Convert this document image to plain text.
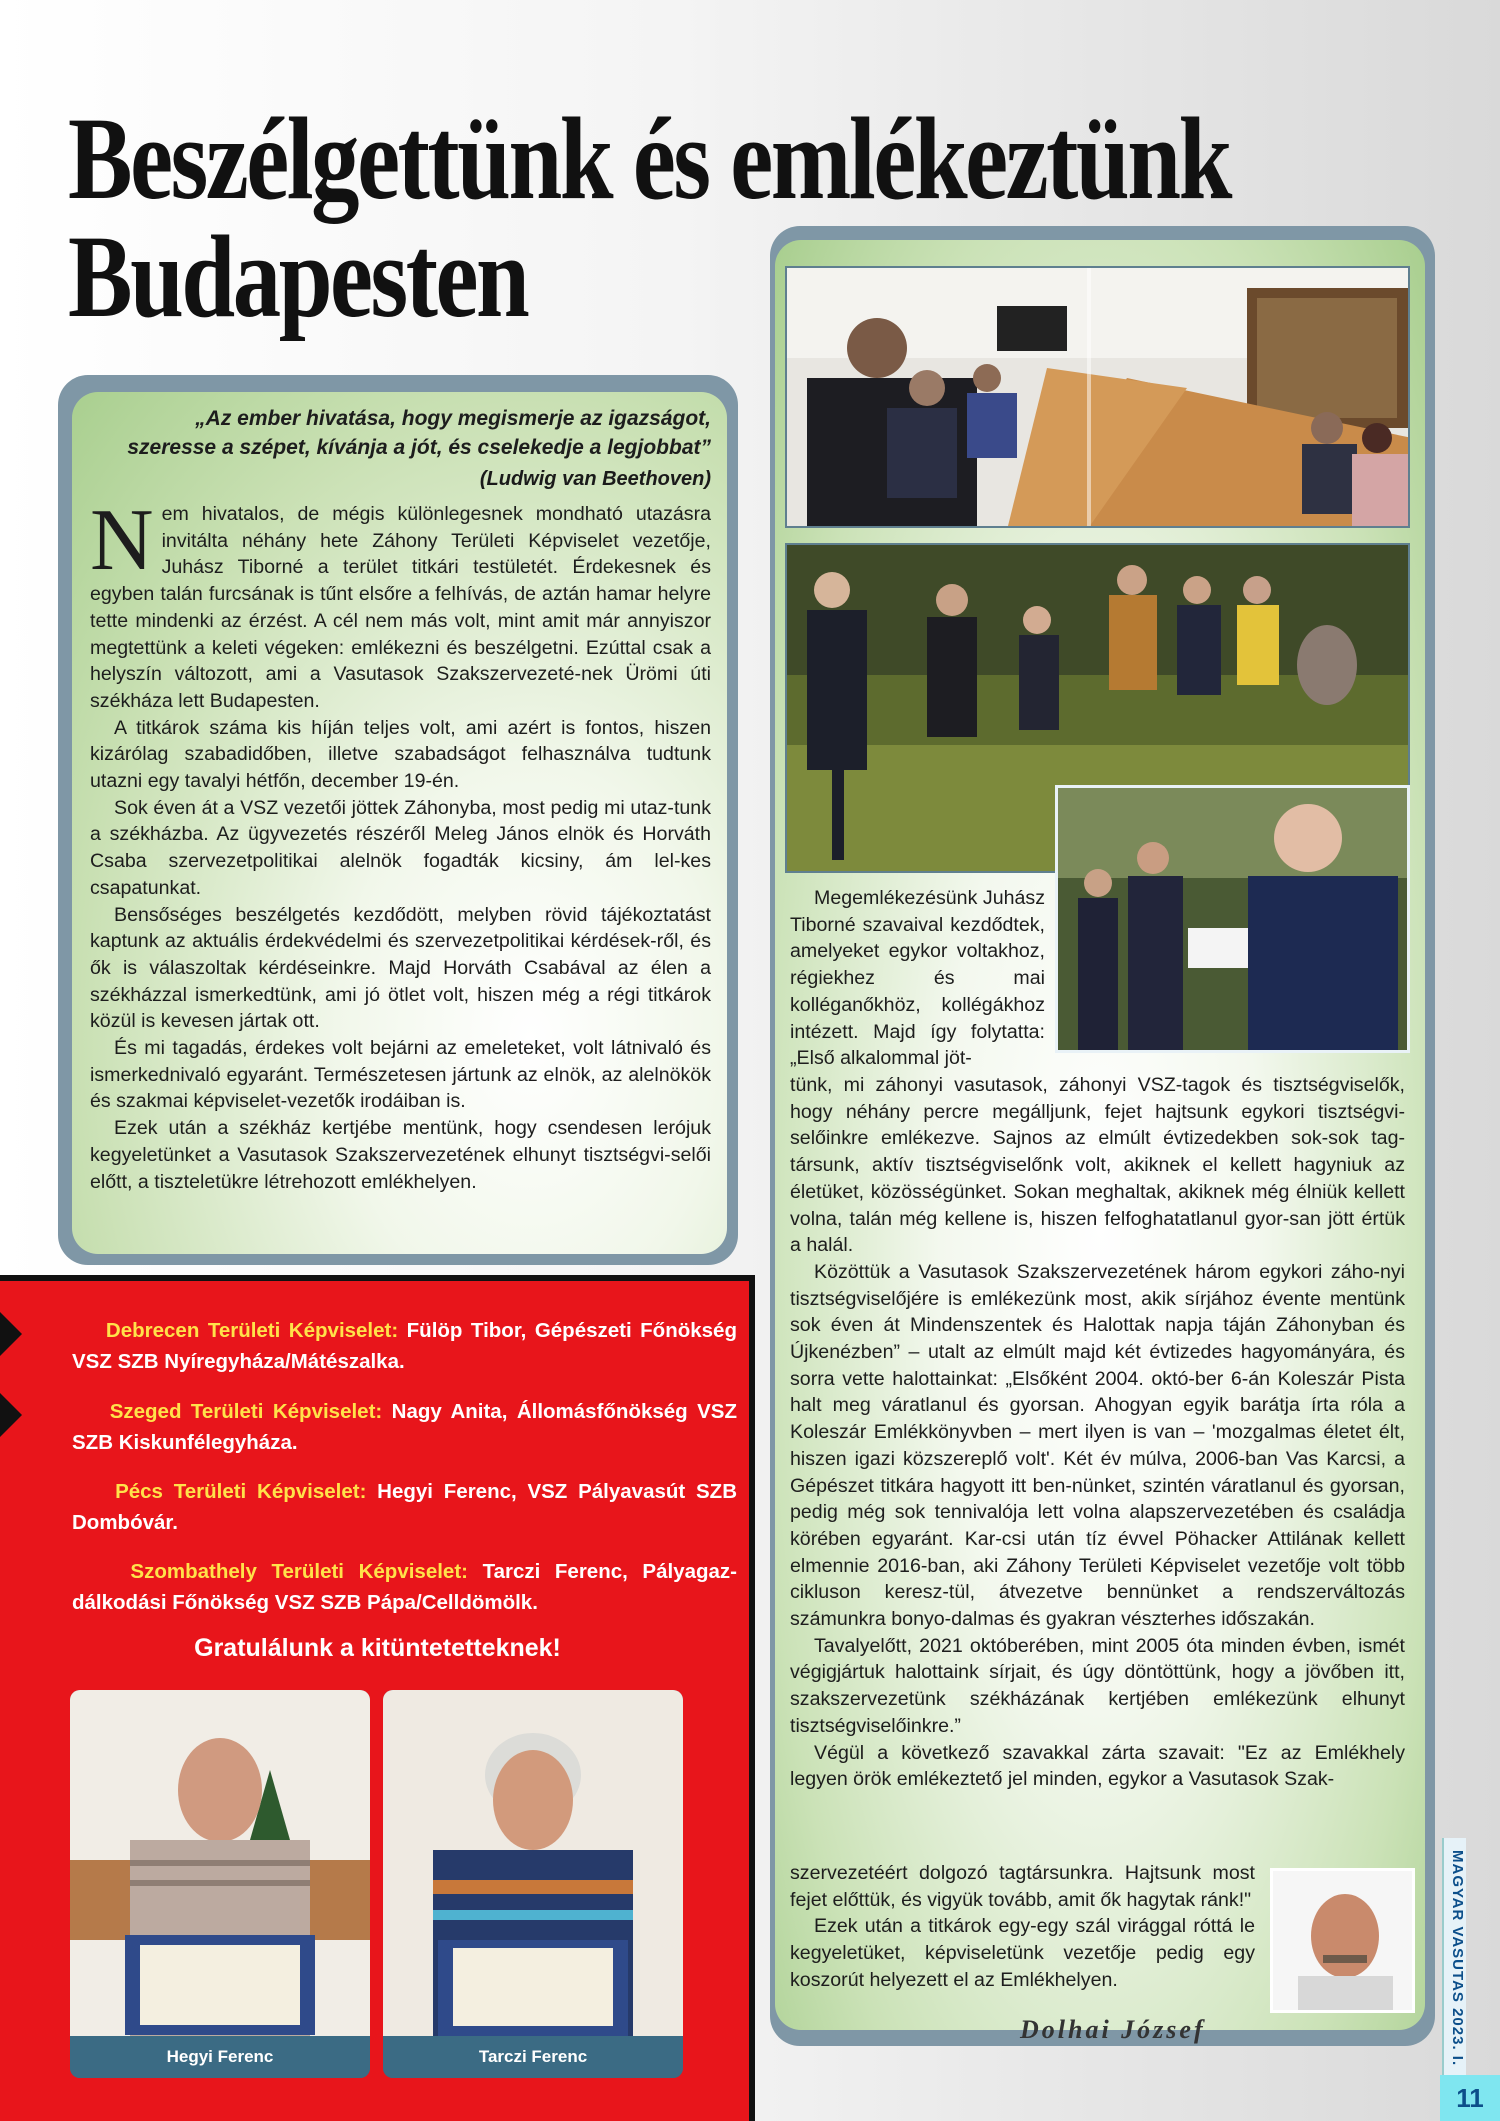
Beszélgettünk és emlékeztünk
Budapesten
„Az ember hivatása, hogy megismerje az igazságot,
szeresse a szépet, kívánja a jót, és cselekedje a legjobbat”
(Ludwig van Beethoven)

Nem hivatalos, de mégis különlegesnek mondható utazásra invitálta néhány hete Záhony Területi Képviselet vezetője, Juhász Tiborné a terület titkári testületét. Érdekesnek és egyben talán furcsának is tűnt elsőre a felhívás, de aztán hamar helyre tette mindenki az érzést. A cél nem más volt, mint amit már annyiszor megtettünk a keleti végeken: emlékezni és beszélgetni. Ezúttal csak a helyszín változott, ami a Vasutasok Szakszervezeté-nek Ürömi úti székháza lett Budapesten.

A titkárok száma kis híján teljes volt, ami azért is fontos, hiszen kizárólag szabadidőben, illetve szabadságot felhasználva tudtunk utazni egy tavalyi hétfőn, december 19-én.

Sok éven át a VSZ vezetői jöttek Záhonyba, most pedig mi utaz-tunk a székházba. Az ügyvezetés részéről Meleg János elnök és Horváth Csaba szervezetpolitikai alelnök fogadták kicsiny, ám lel-kes csapatunkat.

Bensőséges beszélgetés kezdődött, melyben rövid tájékoztatást kaptunk az aktuális érdekvédelmi és szervezetpolitikai kérdések-ről, és ők is válaszoltak kérdéseinkre. Majd Horváth Csabával az élen a székházzal ismerkedtünk, ami jó ötlet volt, hiszen még a régi titkárok közül is kevesen jártak ott.

És mi tagadás, érdekes volt bejárni az emeleteket, volt látnivaló és ismerkednivaló egyaránt. Természetesen jártunk az elnök, az alelnökök és szakmai képviselet-vezetők irodáiban is.

Ezek után a székház kertjébe mentünk, hogy csendesen lerójuk kegyeletünket a Vasutasok Szakszervezetének elhunyt tisztségvi-selői előtt, a tiszteletükre létrehozott emlékhelyen.

Megemlékezésünk Juhász Tiborné szavaival kezdődtek, amelyeket egykor voltakhoz, régiekhez és mai kolléganőkhöz, kollégákhoz intézett. Majd így folytatta: „Első alkalommal jöt-

tünk, mi záhonyi vasutasok, záhonyi VSZ-tagok és tisztségviselők, hogy néhány percre megálljunk, fejet hajtsunk egykori tisztségvi-selőinkre emlékezve. Sajnos az elmúlt évtizedekben sok-sok tag-társunk, aktív tisztségviselőnk volt, akiknek el kellett hagyniuk az életüket, közösségünket. Sokan meghaltak, akiknek még élniük kellett volna, talán még kellene is, hiszen felfoghatatlanul gyor-san jött értük a halál.

Közöttük a Vasutasok Szakszervezetének három egykori záho-nyi tisztségviselőjére is emlékezünk most, akik sírjához évente mentünk sok éven át Mindenszentek és Halottak napja táján Záhonyban és Újkenézben” – utalt az elmúlt majd két évtizedes hagyományára, és sorra vette halottainkat: „Elsőként 2004. októ-ber 6-án Koleszár Pista halt meg váratlanul és gyorsan. Ahogyan egyik barátja írta róla a Koleszár Emlékkönyvben – mert ilyen is van – 'mozgalmas életet élt, hiszen igazi közszereplő volt'. Két év múlva, 2006-ban Vas Karcsi, a Gépészet titkára hagyott itt ben-nünket, szintén váratlanul és gyorsan, pedig még sok tennivalója lett volna alapszervezetében és családja körében egyaránt. Kar-csi után tíz évvel Pöhacker Attilának kellett elmennie 2016-ban, aki Záhony Területi Képviselet vezetője volt több cikluson keresz-tül, átvezetve bennünket a rendszerváltozás számunkra bonyo-dalmas és gyakran vészterhes időszakán.

Tavalyelőtt, 2021 októberében, mint 2005 óta minden évben, ismét végigjártuk halottaink sírjait, és úgy döntöttünk, hogy a jövőben itt, szakszervezetünk székházának kertjében emlékezünk elhunyt tisztségviselőinkre.”

Végül a következő szavakkal zárta szavait: "Ez az Emlékhely legyen örök emlékeztető jel minden, egykor a Vasutasok Szak-

szervezetéért dolgozó tagtársunkra. Hajtsunk most fejet előttük, és vigyük tovább, amit ők hagytak ránk!"

Ezek után a titkárok egy-egy szál virággal róttá le kegyeletüket, képviseletünk vezetője pedig egy koszorút helyezett el az Emlékhelyen.

Dolhai József
Debrecen Területi Képviselet: Fülöp Tibor, Gépészeti Főnökség VSZ SZB Nyíregyháza/Mátészalka.
Szeged Területi Képviselet: Nagy Anita, Állomásfőnökség VSZ SZB Kiskunfélegyháza.
Pécs Területi Képviselet: Hegyi Ferenc, VSZ Pályavasút SZB Dombóvár.
Szombathely Területi Képviselet: Tarczi Ferenc, Pályagaz-dálkodási Főnökség VSZ SZB Pápa/Celldömölk.
Gratulálunk a kitüntetetteknek!
Hegyi Ferenc	Tarczi Ferenc	MAGYAR VASUTAS 2023. I.
11
